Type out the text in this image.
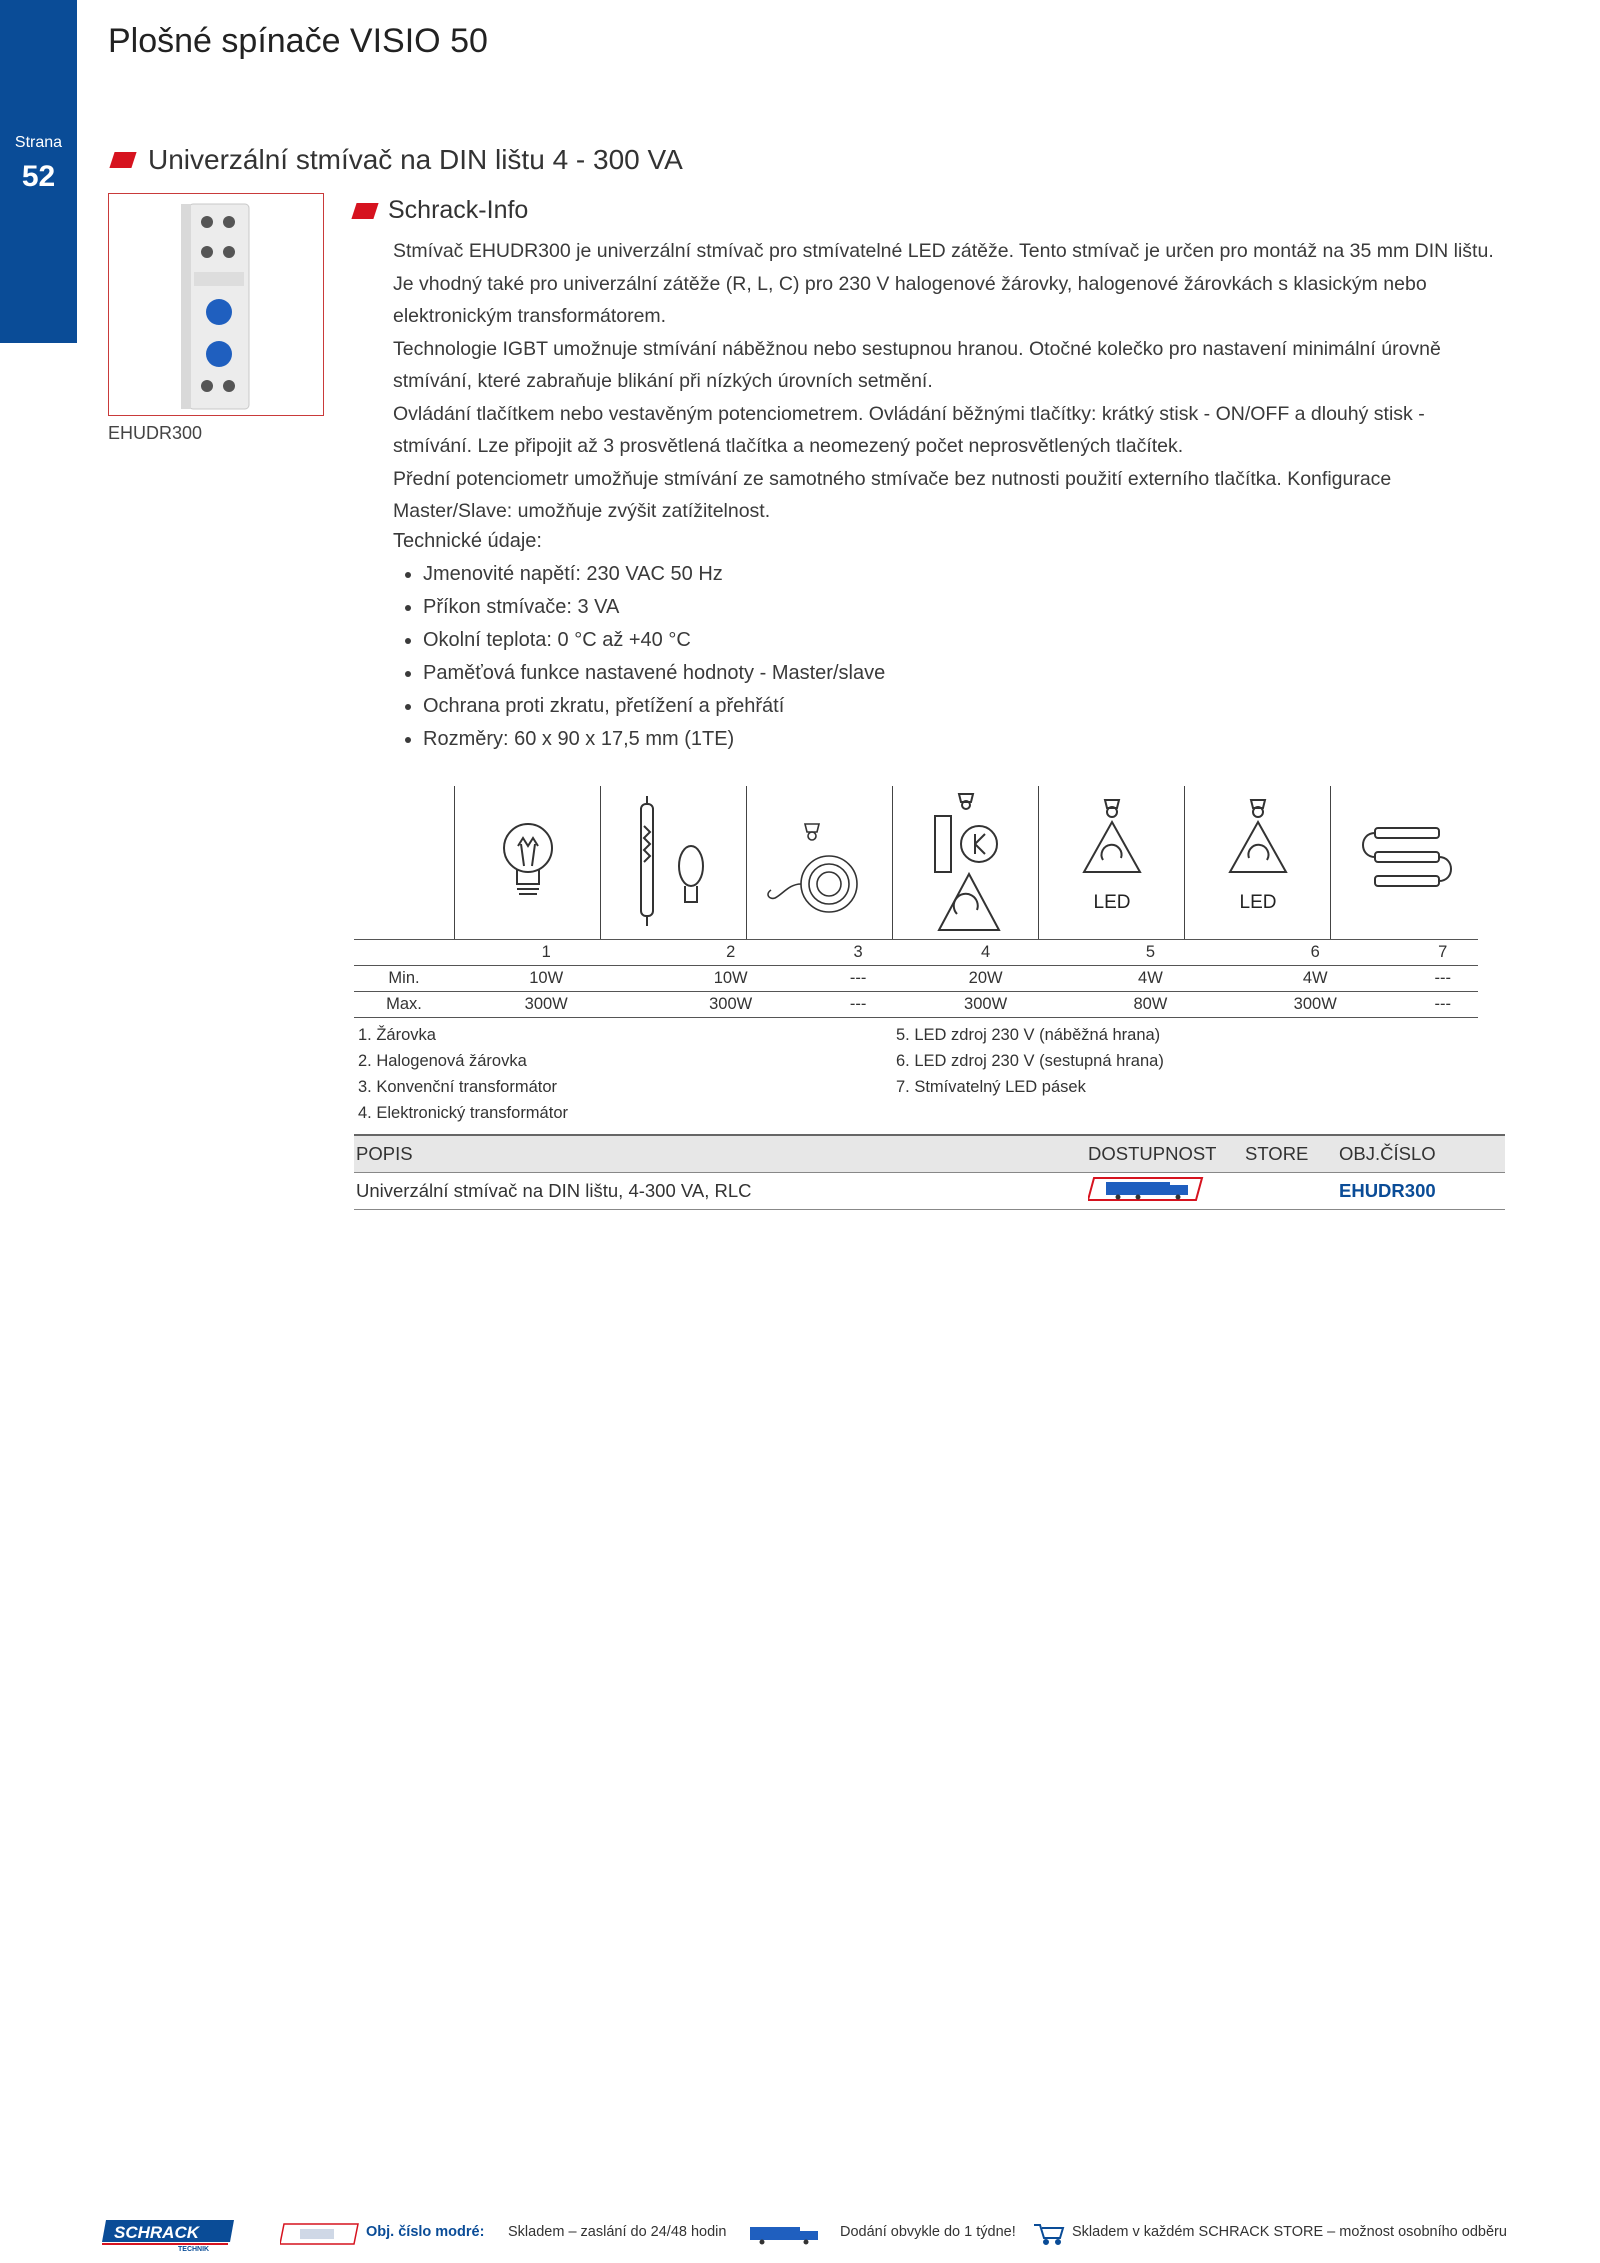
Strana
52
Plošné spínače VISIO 50
Univerzální stmívač na DIN lištu 4 - 300 VA
EHUDR300
Schrack-Info

Stmívač EHUDR300 je univerzální stmívač pro stmívatelné LED zátěže. Tento stmívač je určen pro montáž na 35 mm DIN lištu. Je vhodný také pro univerzální zátěže (R, L, C) pro 230 V halogenové žárovky, halogenové žárovkách s klasickým nebo elektronickým transformátorem.

Technologie IGBT umožnuje stmívání náběžnou nebo sestupnou hranou. Otočné kolečko pro nastavení minimální úrovně stmívání, které zabraňuje blikání při nízkých úrovních setmění.

Ovládání tlačítkem nebo vestavěným potenciometrem. Ovládání běžnými tlačítky: krátký stisk - ON/OFF a dlouhý stisk - stmívání. Lze připojit až 3 prosvětlená tlačítka a neomezený počet neprosvětlených tlačítek.

Přední potenciometr umožňuje stmívání ze samotného stmívače bez nutnosti použití externího tlačítka. Konfigurace Master/Slave: umožňuje zvýšit zatížitelnost.

Technické údaje:
• Jmenovité napětí: 230 VAC 50 Hz
• Příkon stmívače: 3 VA
• Okolní teplota: 0 °C až +40 °C
• Paměťová funkce nastavené hodnoty - Master/slave
• Ochrana proti zkratu, přetížení a přehřátí
• Rozměry: 60 x 90 x 17,5 mm (1TE)
LED	LED
	1	2	3	4	5	6	7
Min.	10W	10W	---	20W	4W	4W	---
Max.	300W	300W	---	300W	80W	300W	---
1. Žárovka
2. Halogenová žárovka
3. Konvenční transformátor
4. Elektronický transformátor
5. LED zdroj 230 V (náběžná hrana)
6. LED zdroj 230 V (sestupná hrana)
7. Stmívatelný LED pásek
POPIS	DOSTUPNOST	STORE	OBJ.ČÍSLO
Univerzální stmívač na DIN lištu, 4-300 VA, RLC			EHUDR300
SCHRACK
TECHNIK
Obj. číslo modré: Skladem – zaslání do 24/48 hodin	Dodání obvykle do 1 týdne!	Skladem v každém SCHRACK STORE – možnost osobního odběru
